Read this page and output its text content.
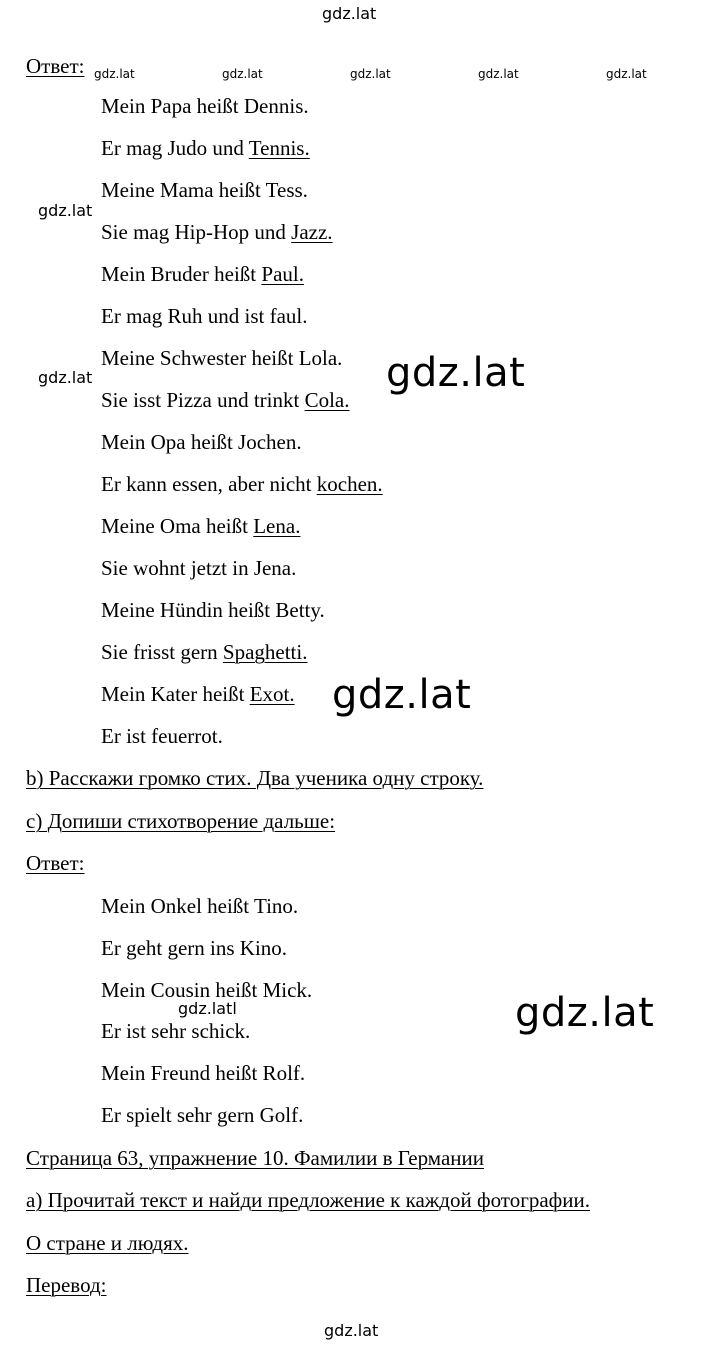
gdz.lat
gdz.lat	gdz.lat	gdz.lat	gdz.lat	gdz.lat
gdz.lat
gdz.lat	gdz.lat
gdz.lat
gdz.lat
gdz.latl
gdz.lat
Ответ:
Mein Papa heißt Dennis.
Er mag Judo und Tennis.
Meine Mama heißt Tess.
Sie mag Hip-Hop und Jazz.
Mein Bruder heißt Paul.
Er mag Ruh und ist faul.
Meine Schwester heißt Lola.
Sie isst Pizza und trinkt Cola.
Mein Opa heißt Jochen.
Er kann essen, aber nicht kochen.
Meine Oma heißt Lena.
Sie wohnt jetzt in Jena.
Meine Hündin heißt Betty.
Sie frisst gern Spaghetti.
Mein Kater heißt Exot.
Er ist feuerrot.
b) Расскажи громко стих. Два ученика одну строку.
c) Допиши стихотворение дальше:
Ответ:
Mein Onkel heißt Tino.
Er geht gern ins Kino.
Mein Cousin heißt Mick.
Er ist sehr schick.
Mein Freund heißt Rolf.
Er spielt sehr gern Golf.
Страница 63, упражнение 10. Фамилии в Германии
a) Прочитай текст и найди предложение к каждой фотографии.
О стране и людях.
Перевод:
